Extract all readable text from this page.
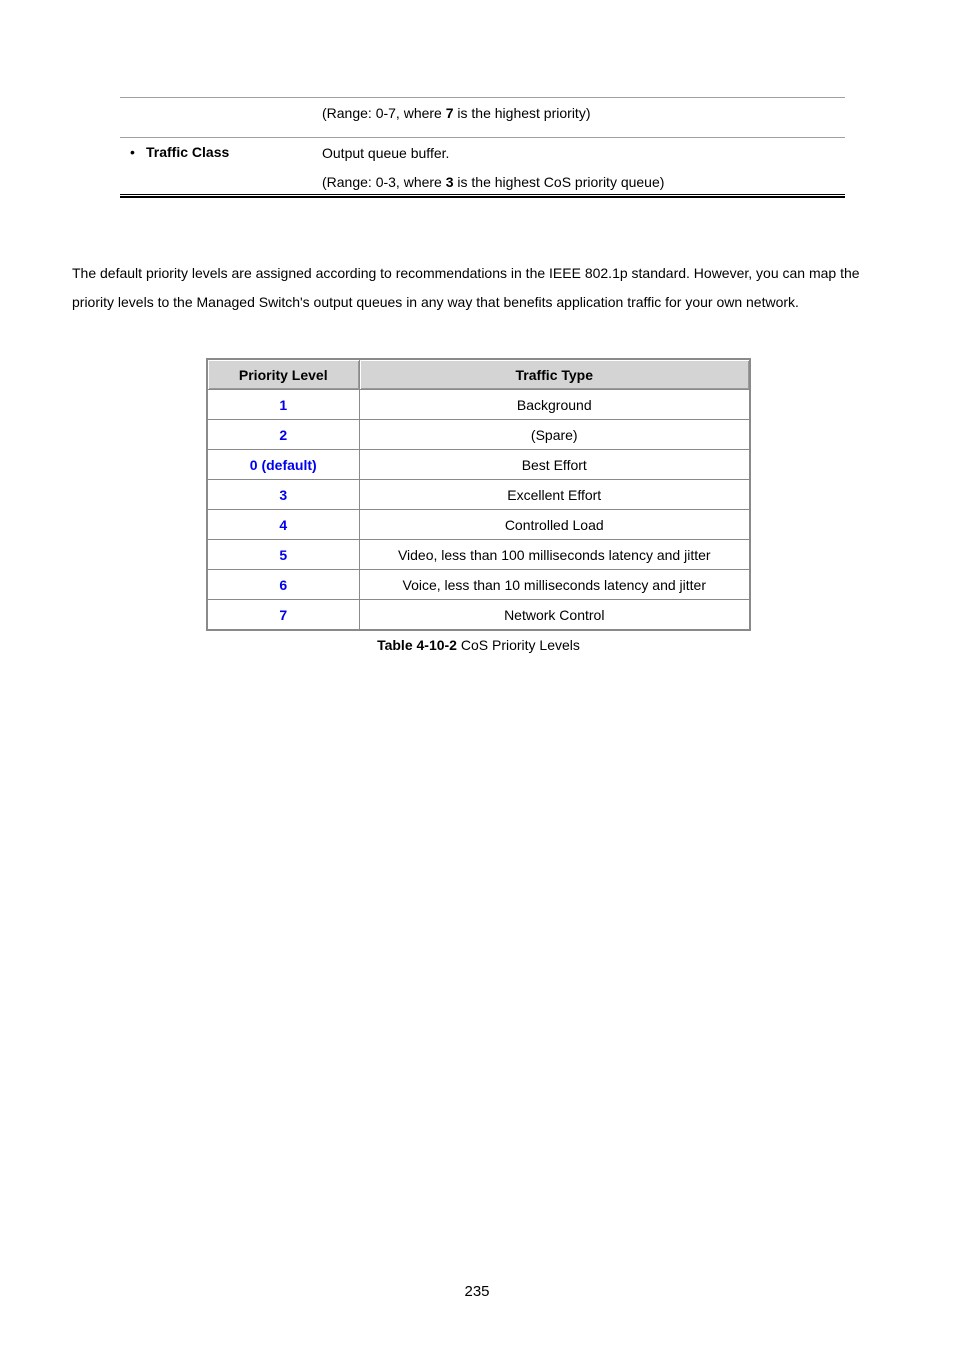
(Range: 0-7, where 7 is the highest priority)
• Traffic Class	Output queue buffer.
(Range: 0-3, where 3 is the highest CoS priority queue)
The default priority levels are assigned according to recommendations in the IEEE 802.1p standard. However, you can map the priority levels to the Managed Switch's output queues in any way that benefits application traffic for your own network.
Priority Level	Traffic Type
1	Background
2	(Spare)
0 (default)	Best Effort
3	Excellent Effort
4	Controlled Load
5	Video, less than 100 milliseconds latency and jitter
6	Voice, less than 10 milliseconds latency and jitter
7	Network Control
Table 4-10-2 CoS Priority Levels
235
